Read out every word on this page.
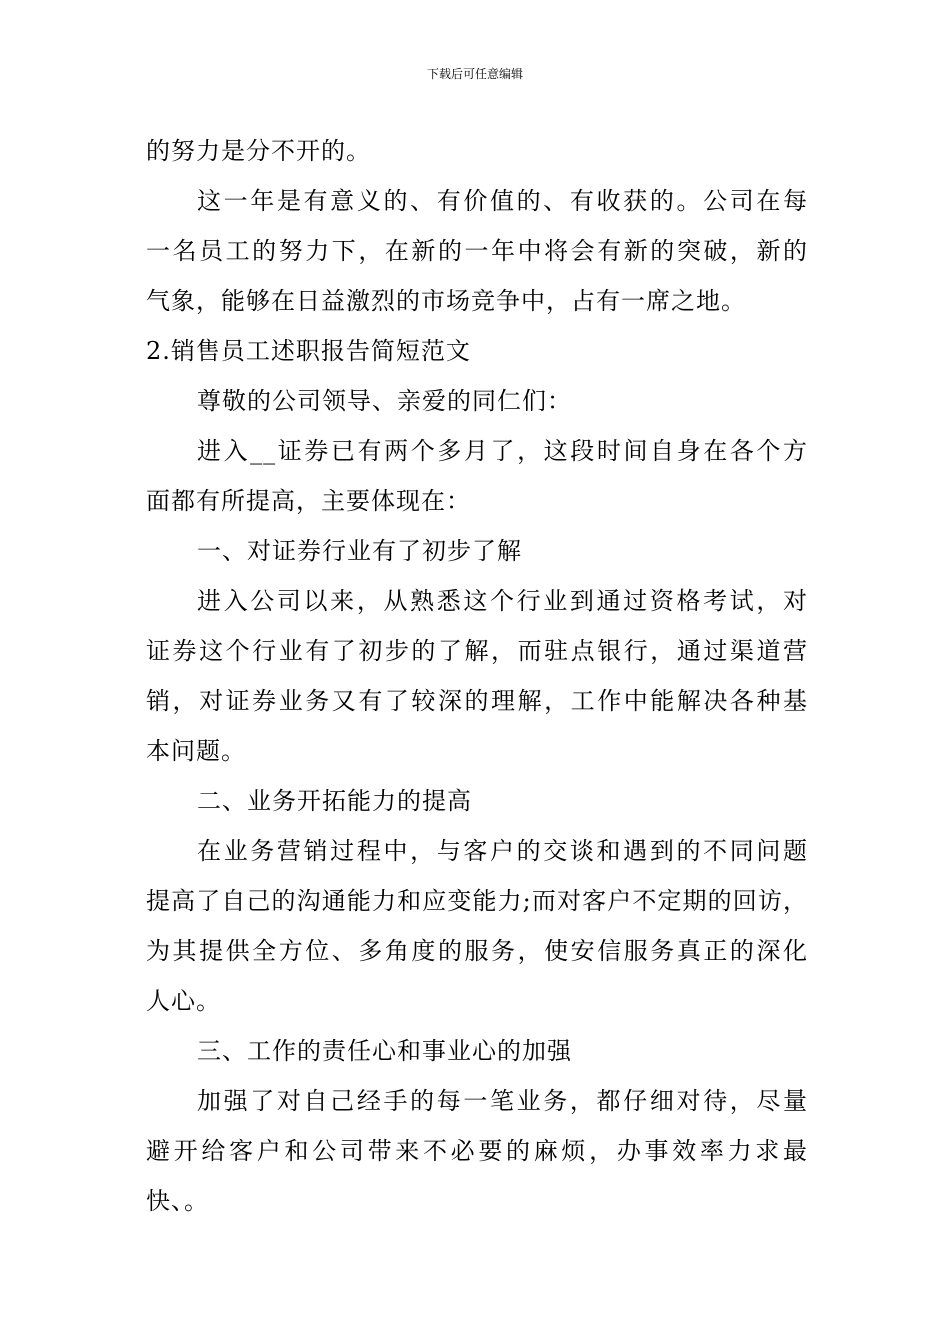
下载后可任意编辑
的努力是分不开的。
这一年是有意义的、有价值的、有收获的。公司在每
一名员工的努力下，在新的一年中将会有新的突破，新的
气象，能够在日益激烈的市场竞争中，占有一席之地。
2.销售员工述职报告简短范文
尊敬的公司领导、亲爱的同仁们：
进入__证券已有两个多月了，这段时间自身在各个方
面都有所提高，主要体现在：
一、对证券行业有了初步了解
进入公司以来，从熟悉这个行业到通过资格考试，对
证券这个行业有了初步的了解，而驻点银行，通过渠道营
销，对证券业务又有了较深的理解，工作中能解决各种基
本问题。
二、业务开拓能力的提高
在业务营销过程中，与客户的交谈和遇到的不同问题
提高了自己的沟通能力和应变能力;而对客户不定期的回访，
为其提供全方位、多角度的服务，使安信服务真正的深化
人心。
三、工作的责任心和事业心的加强
加强了对自己经手的每一笔业务，都仔细对待，尽量
避开给客户和公司带来不必要的麻烦，办事效率力求最
快、。
